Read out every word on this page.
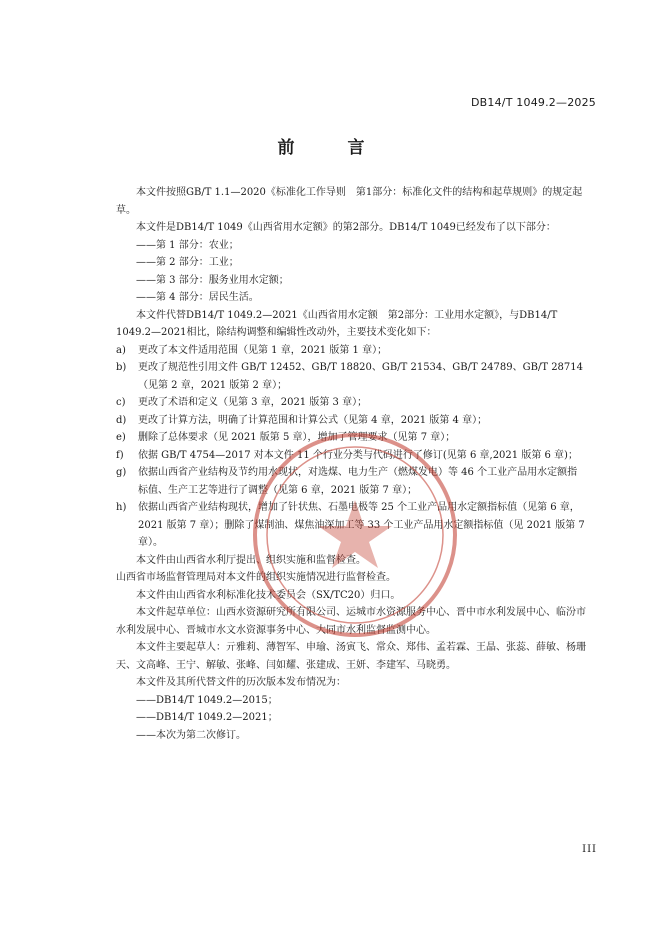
DB14/T 1049.2—2025
前　言

本文件按照GB/T 1.1—2020《标准化工作导则　第1部分：标准化文件的结构和起草规则》的规定起草。

本文件是DB14/T 1049《山西省用水定额》的第2部分。DB14/T 1049已经发布了以下部分：

——第 1 部分：农业；

——第 2 部分：工业；

——第 3 部分：服务业用水定额；

——第 4 部分：居民生活。

本文件代替DB14/T 1049.2—2021《山西省用水定额　第2部分：工业用水定额》，与DB14/T 1049.2—2021相比，除结构调整和编辑性改动外，主要技术变化如下：

a)	更改了本文件适用范围（见第 1 章，2021 版第 1 章）；
b)	更改了规范性引用文件 GB/T 12452、GB/T 18820、GB/T 21534、GB/T 24789、GB/T 28714（见第 2 章，2021 版第 2 章）；
c)	更改了术语和定义（见第 3 章，2021 版第 3 章）；
d)	更改了计算方法，明确了计算范围和计算公式（见第 4 章，2021 版第 4 章）；
e)	删除了总体要求（见 2021 版第 5 章），增加了管理要求（见第 7 章）；
f)	依据 GB/T 4754—2017 对本文件 11 个行业分类与代码进行了修订(见第 6 章,2021 版第 6 章)；
g)	依据山西省产业结构及节约用水现状，对选煤、电力生产（燃煤发电）等 46 个工业产品用水定额指标值、生产工艺等进行了调整（见第 6 章，2021 版第 7 章）；
h)	依据山西省产业结构现状，增加了针状焦、石墨电极等 25 个工业产品用水定额指标值（见第 6 章，2021 版第 7 章）；删除了煤制油、煤焦油深加工等 33 个工业产品用水定额指标值（见 2021 版第 7 章）。

本文件由山西省水利厅提出、组织实施和监督检查。

山西省市场监督管理局对本文件的组织实施情况进行监督检查。

本文件由山西省水利标准化技术委员会（SX/TC20）归口。

本文件起草单位：山西水资源研究所有限公司、运城市水资源服务中心、晋中市水利发展中心、临汾市水利发展中心、晋城市水文水资源事务中心、大同市水利监督监测中心。

本文件主要起草人：亓雅莉、薄智军、申瑜、汤寅飞、常众、郑伟、孟若霖、王晶、张蕊、薛敏、杨珊天、文高峰、王宁、解敏、张峰、闫如耀、张建成、王妍、李建军、马晓勇。

本文件及其所代替文件的历次版本发布情况为：

——DB14/T 1049.2—2015；

——DB14/T 1049.2—2021；

——本次为第二次修订。

III
